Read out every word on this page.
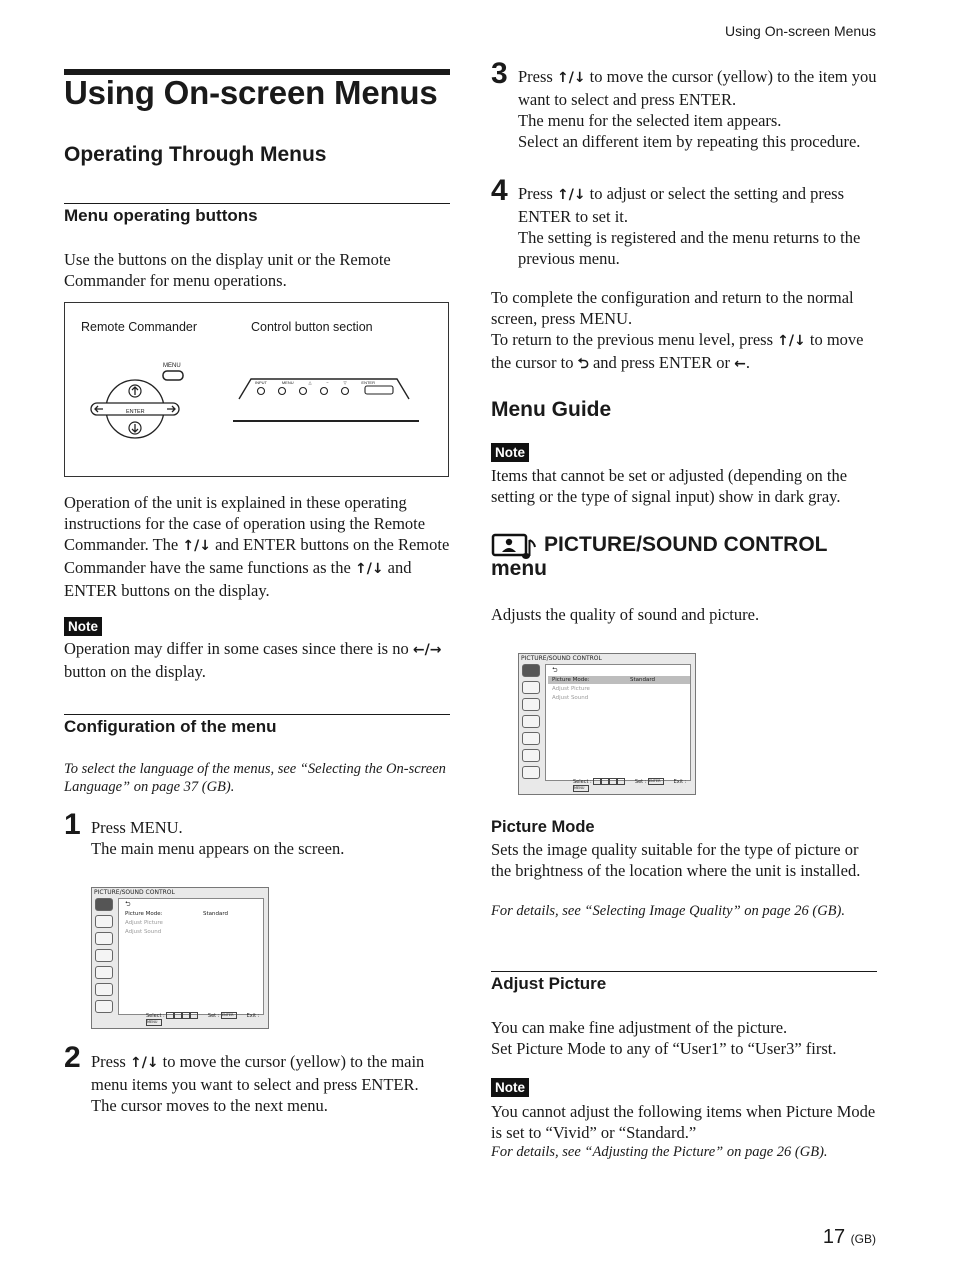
Using On-screen Menus
Using On-screen Menus
Operating Through Menus
Menu operating buttons
Use the buttons on the display unit or the Remote Commander for menu operations.
Remote Commander	Control button section
MENU
ENTER
INPUT	MENU	△	−	▽	ENTER
Operation of the unit is explained in these operating instructions for the case of operation using the Remote Commander. The ↑/↓ and ENTER buttons on the Remote Commander have the same functions as the ↑/↓ and ENTER buttons on the display.
Note
Operation may differ in some cases since there is no ←/→ button on the display.
Configuration of the menu
To select the language of the menus, see “Selecting the On-screen Language” on page 37 (GB).
1 Press MENU.
The main menu appears on the screen.
PICTURE/SOUND CONTROL
⮌
Picture Mode:	Standard
Adjust Picture
Adjust Sound
Select :	Set : ENTER	Exit : MENU
2 Press ↑/↓ to move the cursor (yellow) to the main menu items you want to select and press ENTER.
The cursor moves to the next menu.
3 Press ↑/↓ to move the cursor (yellow) to the item you want to select and press ENTER.
The menu for the selected item appears.
Select an different item by repeating this procedure.
4 Press ↑/↓ to adjust or select the setting and press ENTER to set it.
The setting is registered and the menu returns to the previous menu.
To complete the configuration and return to the normal screen, press MENU.
To return to the previous menu level, press ↑/↓ to move the cursor to ⮌ and press ENTER or ←.
Menu Guide
Note
Items that cannot be set or adjusted (depending on the setting or the type of signal input) show in dark gray.
PICTURE/SOUND CONTROL
menu
Adjusts the quality of sound and picture.
PICTURE/SOUND CONTROL
⮌
Picture Mode:	Standard
Adjust Picture
Adjust Sound
Select :	Set : ENTER	Exit : MENU
Picture Mode
Sets the image quality suitable for the type of picture or the brightness of the location where the unit is installed.
For details, see “Selecting Image Quality” on page 26 (GB).
Adjust Picture
You can make fine adjustment of the picture.
Set Picture Mode to any of “User1” to “User3” first.
Note
You cannot adjust the following items when Picture Mode is set to “Vivid” or “Standard.”
For details, see “Adjusting the Picture” on page 26 (GB).
17 (GB)
